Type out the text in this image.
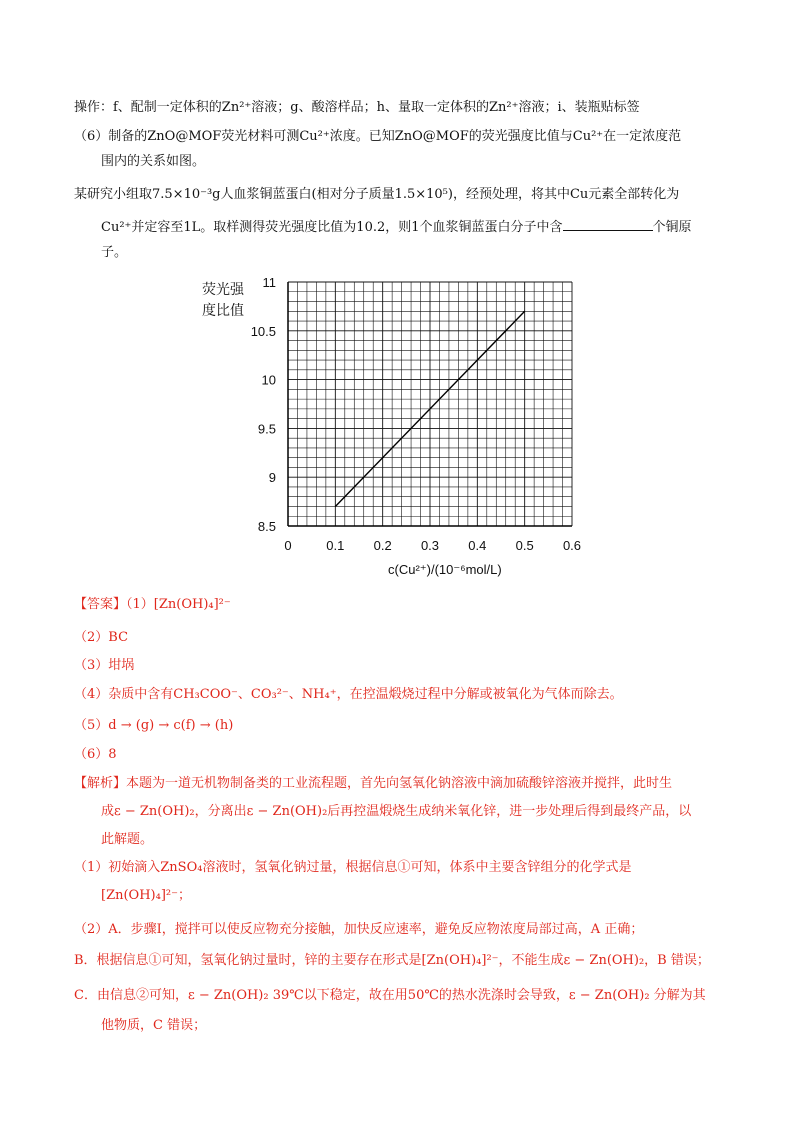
操作：f、配制一定体积的Zn²⁺溶液；g、酸溶样品；h、量取一定体积的Zn²⁺溶液；i、装瓶贴标签
（6）制备的ZnO@MOF荧光材料可测Cu²⁺浓度。已知ZnO@MOF的荧光强度比值与Cu²⁺在一定浓度范
围内的关系如图。
某研究小组取7.5×10⁻³g人血浆铜蓝蛋白(相对分子质量1.5×10⁵)，经预处理，将其中Cu元素全部转化为
Cu²⁺并定容至1L。取样测得荧光强度比值为10.2，则1个血浆铜蓝蛋白分子中含	个铜原
子。
0	0.1 0.2 0.3 0.4 0.5 0.6
8.5
9
9.5
10
10.5
11
荧光强
度比值
c(Cu²⁺)/(10⁻⁶mol/L)
【答案】（1）[Zn(OH)₄]²⁻
（2）BC
（3）坩埚
（4）杂质中含有CH₃COO⁻、CO₃²⁻、NH₄⁺，在控温煅烧过程中分解或被氧化为气体而除去。
（5）d → (g) → c(f) → (h)
（6）8
【解析】本题为一道无机物制备类的工业流程题，首先向氢氧化钠溶液中滴加硫酸锌溶液并搅拌，此时生
成ε − Zn(OH)₂，分离出ε − Zn(OH)₂后再控温煅烧生成纳米氧化锌，进一步处理后得到最终产品，以
此解题。
（1）初始滴入ZnSO₄溶液时，氢氧化钠过量，根据信息①可知，体系中主要含锌组分的化学式是
[Zn(OH)₄]²⁻；
（2）A．步骤Ⅰ，搅拌可以使反应物充分接触，加快反应速率，避免反应物浓度局部过高，A 正确；
B．根据信息①可知，氢氧化钠过量时，锌的主要存在形式是[Zn(OH)₄]²⁻，不能生成ε − Zn(OH)₂，B 错误；
C．由信息②可知，ε − Zn(OH)₂ 39℃以下稳定，故在用50℃的热水洗涤时会导致，ε − Zn(OH)₂ 分解为其
他物质，C 错误；
